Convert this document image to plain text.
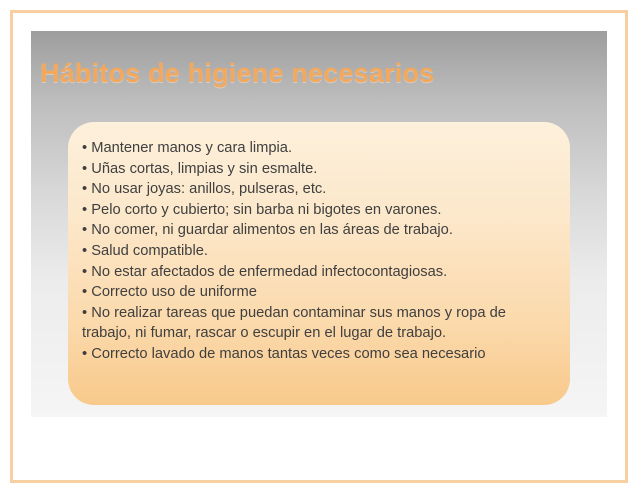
Hábitos de higiene necesarios

• Mantener manos y cara limpia.

• Uñas cortas, limpias y sin esmalte.

• No usar joyas: anillos, pulseras, etc.

• Pelo corto y cubierto; sin barba ni bigotes en varones.

• No comer, ni guardar alimentos en las áreas de trabajo.

• Salud compatible.

• No estar afectados de enfermedad infectocontagiosas.

• Correcto uso de uniforme

• No realizar tareas que puedan contaminar sus manos y ropa de trabajo, ni fumar, rascar o escupir en el lugar de trabajo.

• Correcto lavado de manos tantas veces como sea necesario
